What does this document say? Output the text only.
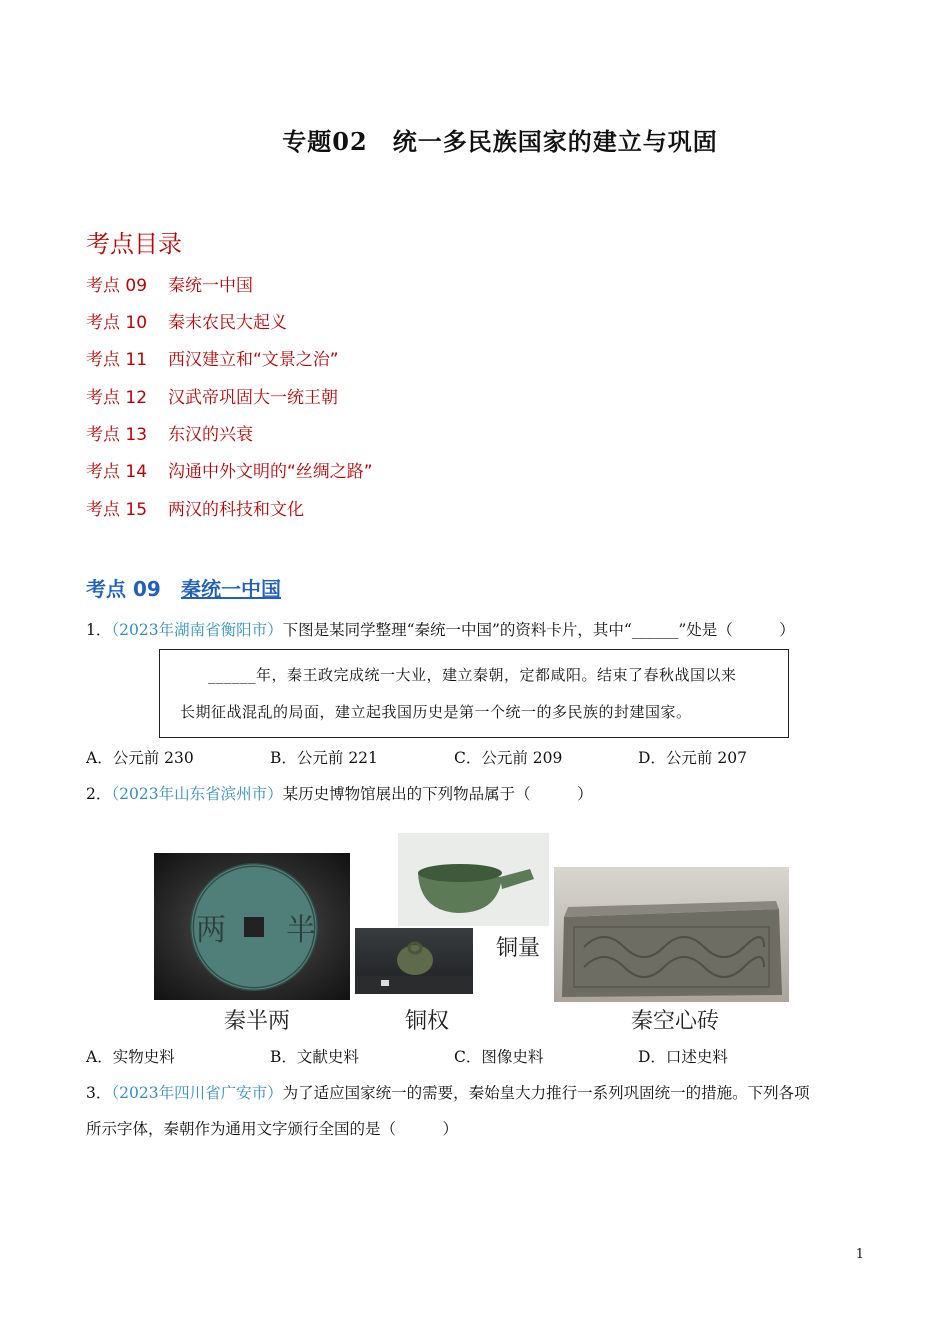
专题02　统一多民族国家的建立与巩固
考点目录
考点 09 秦统一中国
考点 10 秦末农民大起义
考点 11 西汉建立和“文景之治”
考点 12 汉武帝巩固大一统王朝
考点 13 东汉的兴衰
考点 14 沟通中外文明的“丝绸之路”
考点 15 两汉的科技和文化
考点 09 秦统一中国
1．（2023年湖南省衡阳市）下图是某同学整理“秦统一中国”的资料卡片，其中“______”处是（　　　）
______年，秦王政完成统一大业，建立秦朝，定都咸阳。结束了春秋战国以来
长期征战混乱的局面，建立起我国历史是第一个统一的多民族的封建国家。
A．公元前 230	B．公元前 221	C．公元前 209	D．公元前 207
2．（2023年山东省滨州市）某历史博物馆展出的下列物品属于（　　　）
半
两
秦半两	铜权
铜量
秦空心砖
A．实物史料	B．文献史料	C．图像史料	D．口述史料
3．（2023年四川省广安市）为了适应国家统一的需要，秦始皇大力推行一系列巩固统一的措施。下列各项
所示字体，秦朝作为通用文字颁行全国的是（　　　）
1
